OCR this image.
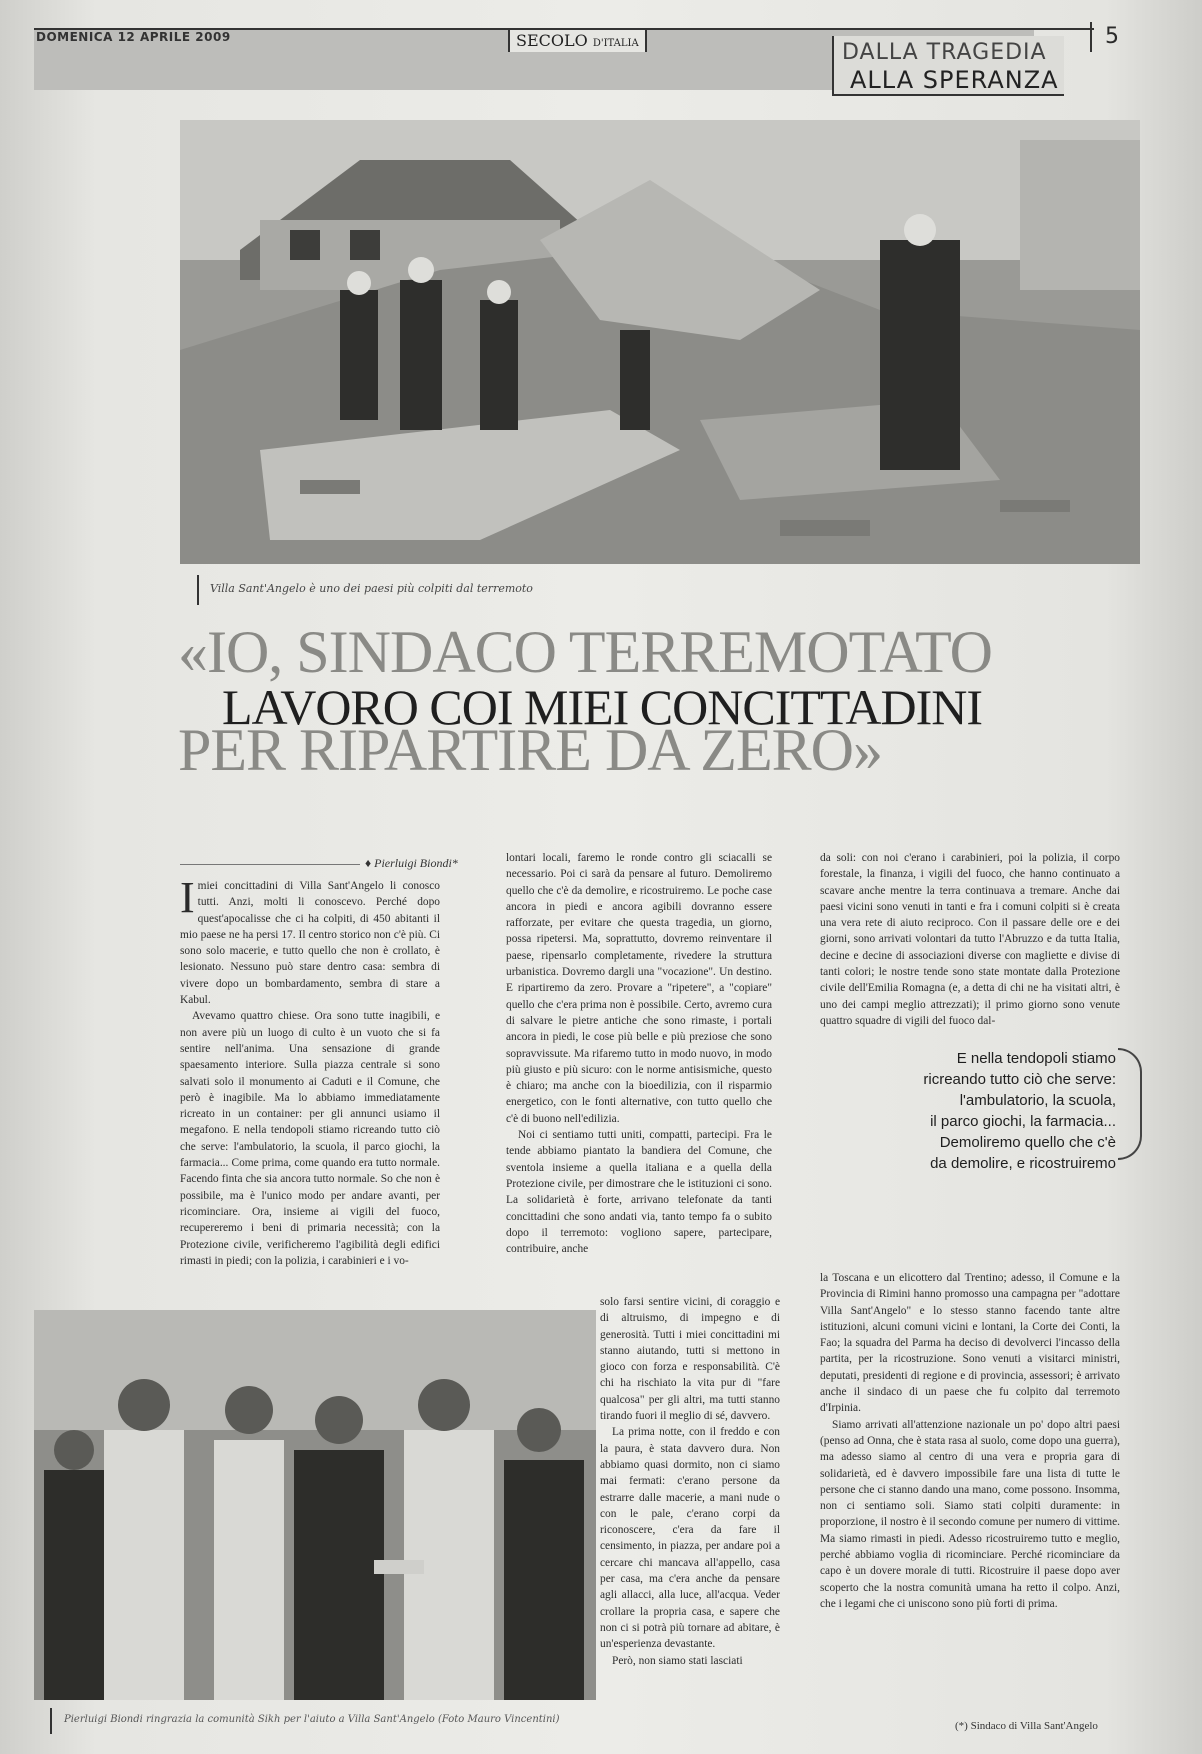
DOMENICA 12 APRILE 2009	SECOLO D'ITALIA	DALLA TRAGEDIA
ALLA SPERANZA
5
Villa Sant'Angelo è uno dei paesi più colpiti dal terremoto
«IO, SINDACO TERREMOTATO
LAVORO COI MIEI CONCITTADINI
PER RIPARTIRE DA ZERO»
♦ Pierluigi Biondi*

Imiei concittadini di Villa Sant'Angelo li conosco tutti. Anzi, molti li conoscevo. Perché dopo quest'apocalisse che ci ha colpiti, di 450 abitanti il mio paese ne ha persi 17. Il centro storico non c'è più. Ci sono solo macerie, e tutto quello che non è crollato, è lesionato. Nessuno può stare dentro casa: sembra di vivere dopo un bombardamento, sembra di stare a Kabul.

Avevamo quattro chiese. Ora sono tutte inagibili, e non avere più un luogo di culto è un vuoto che si fa sentire nell'anima. Una sensazione di grande spaesamento interiore. Sulla piazza centrale si sono salvati solo il monumento ai Caduti e il Comune, che però è inagibile. Ma lo abbiamo immediatamente ricreato in un container: per gli annunci usiamo il megafono. E nella tendopoli stiamo ricreando tutto ciò che serve: l'ambulatorio, la scuola, il parco giochi, la farmacia... Come prima, come quando era tutto normale. Facendo finta che sia ancora tutto normale. So che non è possibile, ma è l'unico modo per andare avanti, per ricominciare. Ora, insieme ai vigili del fuoco, recupereremo i beni di primaria necessità; con la Protezione civile, verificheremo l'agibilità degli edifici rimasti in piedi; con la polizia, i carabinieri e i vo-

lontari locali, faremo le ronde contro gli sciacalli se necessario. Poi ci sarà da pensare al futuro. Demoliremo quello che c'è da demolire, e ricostruiremo. Le poche case ancora in piedi e ancora agibili dovranno essere rafforzate, per evitare che questa tragedia, un giorno, possa ripetersi. Ma, soprattutto, dovremo reinventare il paese, ripensarlo completamente, rivedere la struttura urbanistica. Dovremo dargli una "vocazione". Un destino. E ripartiremo da zero. Provare a "ripetere", a "copiare" quello che c'era prima non è possibile. Certo, avremo cura di salvare le pietre antiche che sono rimaste, i portali ancora in piedi, le cose più belle e più preziose che sono sopravvissute. Ma rifaremo tutto in modo nuovo, in modo più giusto e più sicuro: con le norme antisismiche, questo è chiaro; ma anche con la bioedilizia, con il risparmio energetico, con le fonti alternative, con tutto quello che c'è di buono nell'edilizia.

Noi ci sentiamo tutti uniti, compatti, partecipi. Fra le tende abbiamo piantato la bandiera del Comune, che sventola insieme a quella italiana e a quella della Protezione civile, per dimostrare che le istituzioni ci sono. La solidarietà è forte, arrivano telefonate da tanti concittadini che sono andati via, tanto tempo fa o subito dopo il terremoto: vogliono sapere, partecipare, contribuire, anche

solo farsi sentire vicini, di coraggio e di altruismo, di impegno e di generosità. Tutti i miei concittadini mi stanno aiutando, tutti si mettono in gioco con forza e responsabilità. C'è chi ha rischiato la vita pur di "fare qualcosa" per gli altri, ma tutti stanno tirando fuori il meglio di sé, davvero.

La prima notte, con il freddo e con la paura, è stata davvero dura. Non abbiamo quasi dormito, non ci siamo mai fermati: c'erano persone da estrarre dalle macerie, a mani nude o con le pale, c'erano corpi da riconoscere, c'era da fare il censimento, in piazza, per andare poi a cercare chi mancava all'appello, casa per casa, ma c'era anche da pensare agli allacci, alla luce, all'acqua. Veder crollare la propria casa, e sapere che non ci si potrà più tornare ad abitare, è un'esperienza devastante.

Però, non siamo stati lasciati

da soli: con noi c'erano i carabinieri, poi la polizia, il corpo forestale, la finanza, i vigili del fuoco, che hanno continuato a scavare anche mentre la terra continuava a tremare. Anche dai paesi vicini sono venuti in tanti e fra i comuni colpiti si è creata una vera rete di aiuto reciproco. Con il passare delle ore e dei giorni, sono arrivati volontari da tutto l'Abruzzo e da tutta Italia, decine e decine di associazioni diverse con magliette e divise di tanti colori; le nostre tende sono state montate dalla Protezione civile dell'Emilia Romagna (e, a detta di chi ne ha visitati altri, è uno dei campi meglio attrezzati); il primo giorno sono venute quattro squadre di vigili del fuoco dal-

E nella tendopoli stiamo
ricreando tutto ciò che serve:
l'ambulatorio, la scuola,
il parco giochi, la farmacia...
Demoliremo quello che c'è
da demolire, e ricostruiremo

la Toscana e un elicottero dal Trentino; adesso, il Comune e la Provincia di Rimini hanno promosso una campagna per "adottare Villa Sant'Angelo" e lo stesso stanno facendo tante altre istituzioni, alcuni comuni vicini e lontani, la Corte dei Conti, la Fao; la squadra del Parma ha deciso di devolverci l'incasso della partita, per la ricostruzione. Sono venuti a visitarci ministri, deputati, presidenti di regione e di provincia, assessori; è arrivato anche il sindaco di un paese che fu colpito dal terremoto d'Irpinia.

Siamo arrivati all'attenzione nazionale un po' dopo altri paesi (penso ad Onna, che è stata rasa al suolo, come dopo una guerra), ma adesso siamo al centro di una vera e propria gara di solidarietà, ed è davvero impossibile fare una lista di tutte le persone che ci stanno dando una mano, come possono. Insomma, non ci sentiamo soli. Siamo stati colpiti duramente: in proporzione, il nostro è il secondo comune per numero di vittime. Ma siamo rimasti in piedi. Adesso ricostruiremo tutto e meglio, perché abbiamo voglia di ricominciare. Perché ricominciare da capo è un dovere morale di tutti. Ricostruire il paese dopo aver scoperto che la nostra comunità umana ha retto il colpo. Anzi, che i legami che ci uniscono sono più forti di prima.

Pierluigi Biondi ringrazia la comunità Sikh per l'aiuto a Villa Sant'Angelo (Foto Mauro Vincentini)
(*) Sindaco di Villa Sant'Angelo
